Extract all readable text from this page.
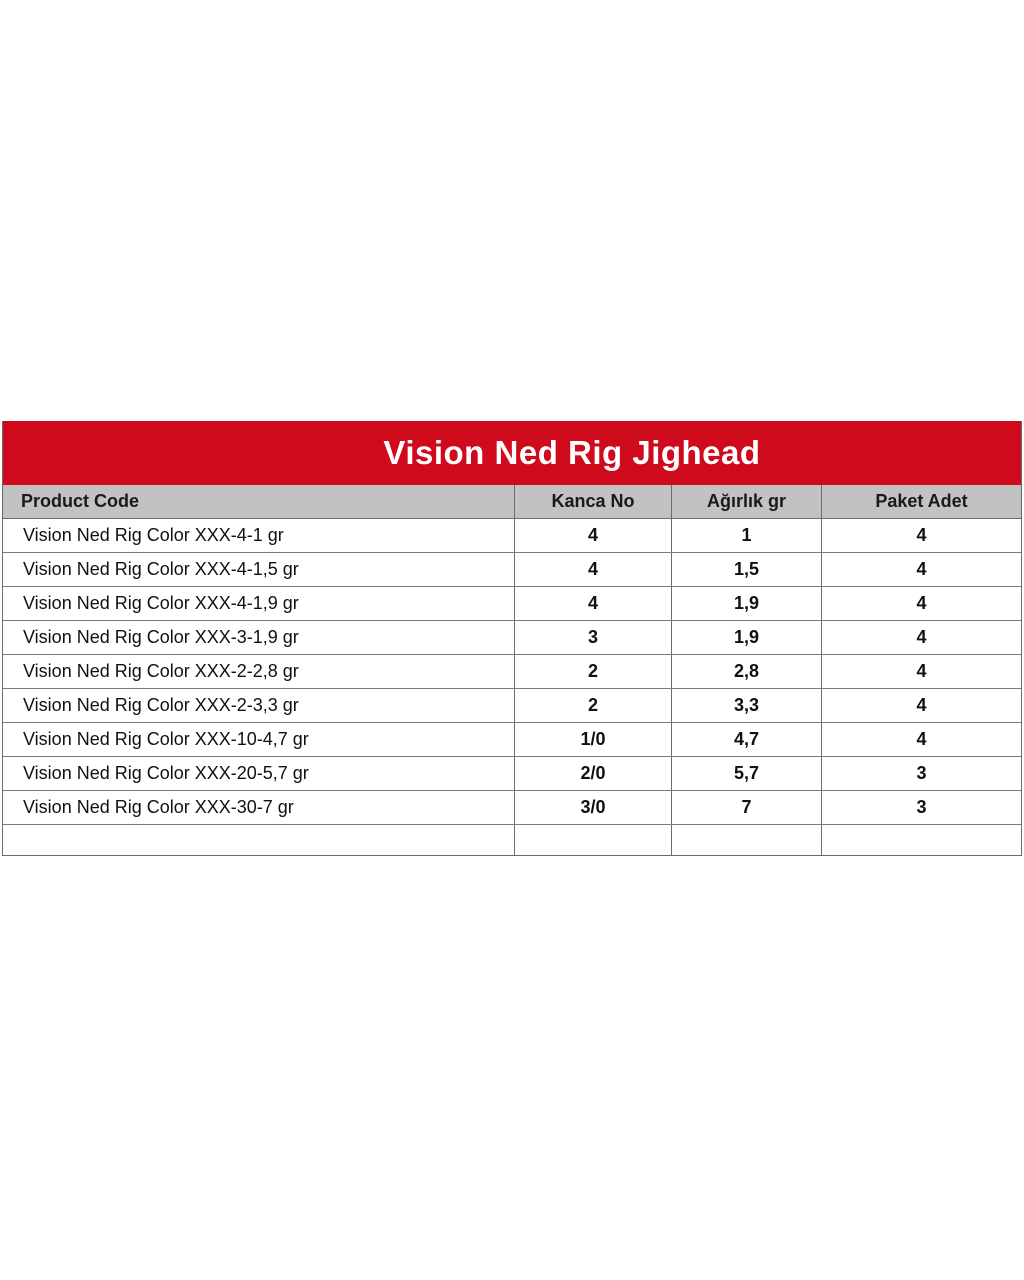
Vision Ned Rig Jighead
Product Code	Kanca No	Ağırlık gr	Paket Adet
Vision Ned Rig Color XXX-4-1 gr	4	1	4
Vision Ned Rig Color XXX-4-1,5 gr	4	1,5	4
Vision Ned Rig Color XXX-4-1,9 gr	4	1,9	4
Vision Ned Rig Color XXX-3-1,9 gr	3	1,9	4
Vision Ned Rig Color XXX-2-2,8 gr	2	2,8	4
Vision Ned Rig Color XXX-2-3,3 gr	2	3,3	4
Vision Ned Rig Color XXX-10-4,7 gr	1/0	4,7	4
Vision Ned Rig Color XXX-20-5,7 gr	2/0	5,7	3
Vision Ned Rig Color XXX-30-7 gr	3/0	7	3
